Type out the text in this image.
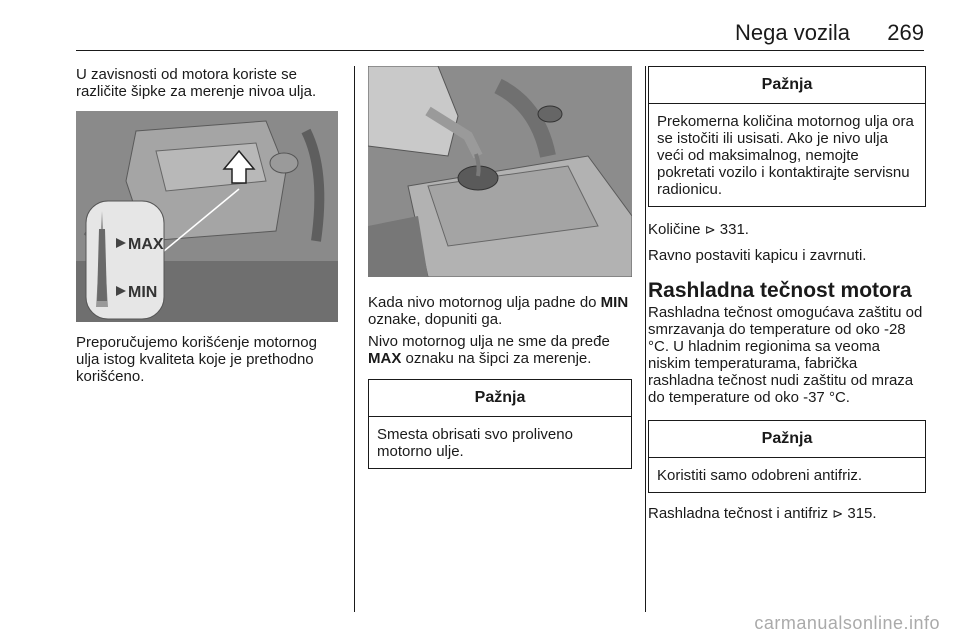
Nega vozila 269

U zavisnosti od motora koriste se različite šipke za merenje nivoa ulja.

MAX
MIN

Preporučujemo korišćenje motornog ulja istog kvaliteta koje je prethodno korišćeno.

Kada nivo motornog ulja padne do MIN oznake, dopuniti ga.

Nivo motornog ulja ne sme da pređe MAX oznaku na šipci za merenje.

Pažnja
Smesta obrisati svo proliveno motorno ulje.
Pažnja
Prekomerna količina motornog ulja ora se istočiti ili usisati. Ako je nivo ulja veći od maksimalnog, nemojte pokretati vozilo i kontaktirajte servisnu radionicu.

Količine ⊳ 331.

Ravno postaviti kapicu i zavrnuti.

Rashladna tečnost motora

Rashladna tečnost omogućava zaštitu od smrzavanja do temperature od oko -28 °C. U hladnim regionima sa veoma niskim temperaturama, fabrička rashladna tečnost nudi zaštitu od mraza do temperature od oko -37 °C.

Pažnja
Koristiti samo odobreni antifriz.

Rashladna tečnost i antifriz ⊳ 315.

carmanualsonline.info
